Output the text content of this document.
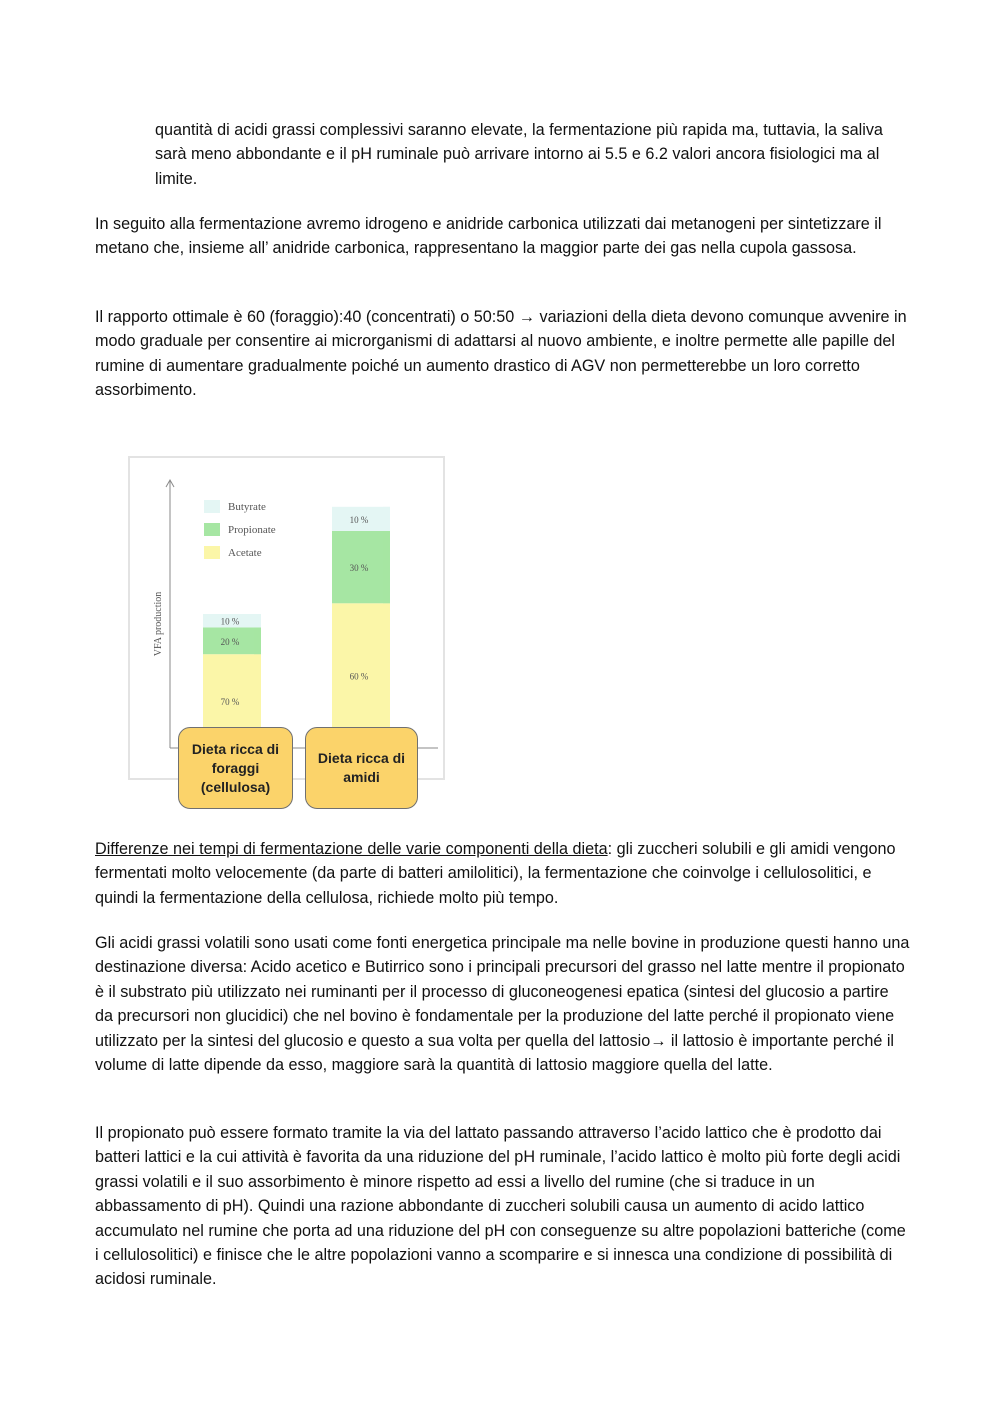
quantità di acidi grassi complessivi saranno elevate, la fermentazione più rapida ma, tuttavia, la saliva sarà meno abbondante e il pH ruminale può arrivare intorno ai 5.5 e 6.2 valori ancora fisiologici ma al limite.

In seguito alla fermentazione avremo idrogeno e anidride carbonica utilizzati dai metanogeni per sintetizzare il metano che, insieme all’ anidride carbonica, rappresentano la maggior parte dei gas nella cupola gassosa.

Il rapporto ottimale è 60 (foraggio):40 (concentrati) o 50:50 → variazioni della dieta devono comunque avvenire in modo graduale per consentire ai microrganismi di adattarsi al nuovo ambiente, e inoltre permette alle papille del rumine di aumentare gradualmente poiché un aumento drastico di AGV non permetterebbe un loro corretto assorbimento.

VFA production
70 %
20 %
10 %
60 %
30 %
10 %
Butyrate
Propionate
Acetate
Dieta ricca di
foraggi
(cellulosa)
Dieta ricca di
amidi

Differenze nei tempi di fermentazione delle varie componenti della dieta: gli zuccheri solubili e gli amidi vengono fermentati molto velocemente (da parte di batteri amilolitici), la fermentazione che coinvolge i cellulosolitici, e quindi la fermentazione della cellulosa, richiede molto più tempo.

Gli acidi grassi volatili sono usati come fonti energetica principale ma nelle bovine in produzione questi hanno una destinazione diversa: Acido acetico e Butirrico sono i principali precursori del grasso nel latte mentre il propionato è il substrato più utilizzato nei ruminanti per il processo di gluconeogenesi epatica (sintesi del glucosio a partire da precursori non glucidici) che nel bovino è fondamentale per la produzione del latte perché il propionato viene utilizzato per la sintesi del glucosio e questo a sua volta per quella del lattosio→ il lattosio è importante perché il volume di latte dipende da esso, maggiore sarà la quantità di lattosio maggiore quella del latte.

Il propionato può essere formato tramite la via del lattato passando attraverso l’acido lattico che è prodotto dai batteri lattici e la cui attività è favorita da una riduzione del pH ruminale, l’acido lattico è molto più forte degli acidi grassi volatili e il suo assorbimento è minore rispetto ad essi a livello del rumine (che si traduce in un abbassamento di pH). Quindi una razione abbondante di zuccheri solubili causa un aumento di acido lattico accumulato nel rumine che porta ad una riduzione del pH con conseguenze su altre popolazioni batteriche (come i cellulosolitici) e finisce che le altre popolazioni vanno a scomparire e si innesca una condizione di possibilità di acidosi ruminale.
